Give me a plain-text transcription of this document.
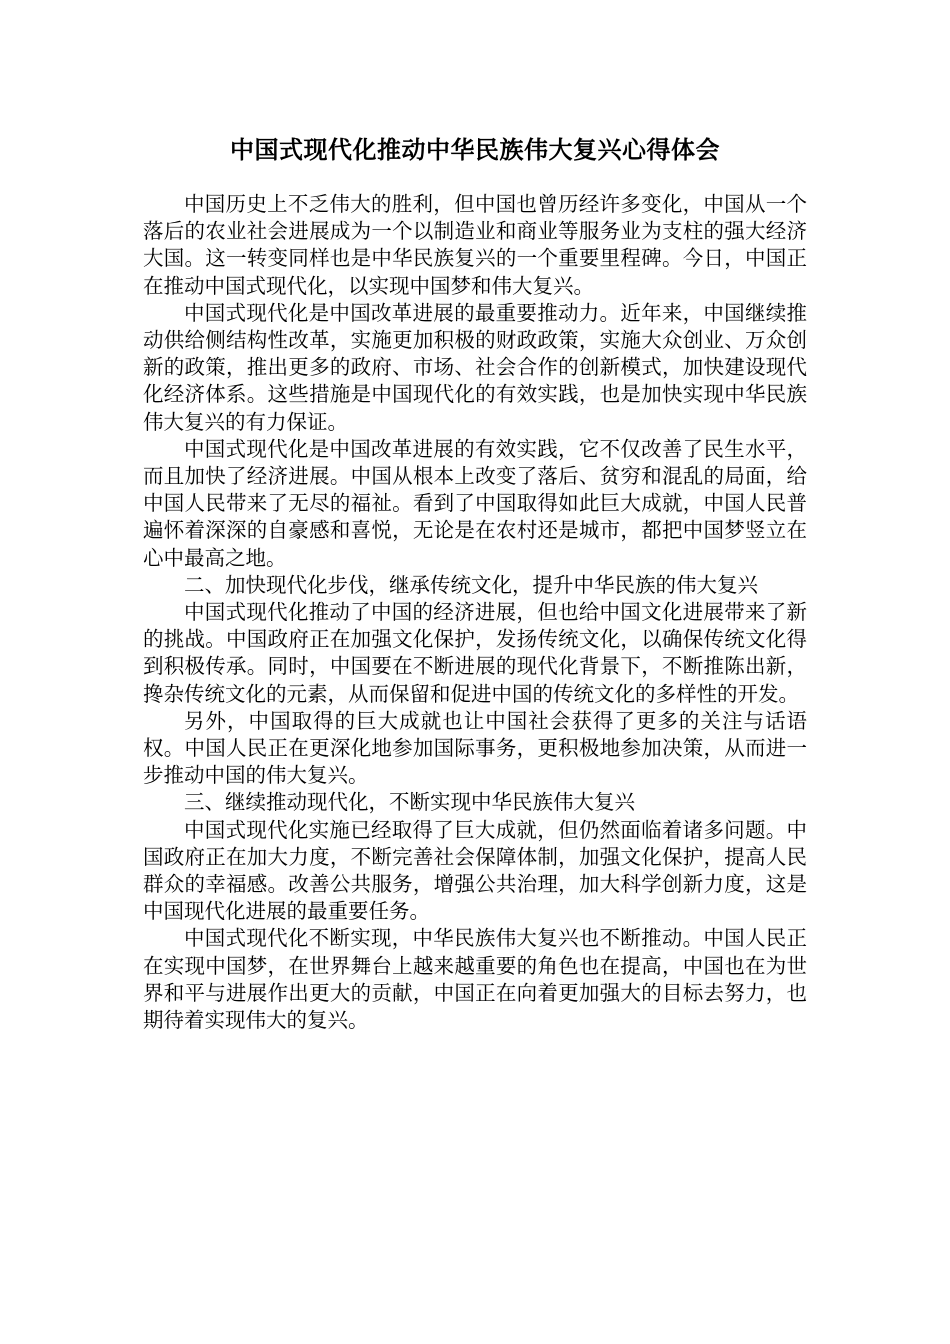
中国式现代化推动中华民族伟大复兴心得体会

中国历史上不乏伟大的胜利，但中国也曾历经许多变化，中国从一个落后的农业社会进展成为一个以制造业和商业等服务业为支柱的强大经济大国。这一转变同样也是中华民族复兴的一个重要里程碑。今日，中国正在推动中国式现代化，以实现中国梦和伟大复兴。

中国式现代化是中国改革进展的最重要推动力。近年来，中国继续推动供给侧结构性改革，实施更加积极的财政政策，实施大众创业、万众创新的政策，推出更多的政府、市场、社会合作的创新模式，加快建设现代化经济体系。这些措施是中国现代化的有效实践，也是加快实现中华民族伟大复兴的有力保证。

中国式现代化是中国改革进展的有效实践，它不仅改善了民生水平，而且加快了经济进展。中国从根本上改变了落后、贫穷和混乱的局面，给中国人民带来了无尽的福祉。看到了中国取得如此巨大成就，中国人民普遍怀着深深的自豪感和喜悦，无论是在农村还是城市，都把中国梦竖立在心中最高之地。

二、加快现代化步伐，继承传统文化，提升中华民族的伟大复兴

中国式现代化推动了中国的经济进展，但也给中国文化进展带来了新的挑战。中国政府正在加强文化保护，发扬传统文化，以确保传统文化得到积极传承。同时，中国要在不断进展的现代化背景下，不断推陈出新，搀杂传统文化的元素，从而保留和促进中国的传统文化的多样性的开发。

另外，中国取得的巨大成就也让中国社会获得了更多的关注与话语权。中国人民正在更深化地参加国际事务，更积极地参加决策，从而进一步推动中国的伟大复兴。

三、继续推动现代化，不断实现中华民族伟大复兴

中国式现代化实施已经取得了巨大成就，但仍然面临着诸多问题。中国政府正在加大力度，不断完善社会保障体制，加强文化保护，提高人民群众的幸福感。改善公共服务，增强公共治理，加大科学创新力度，这是中国现代化进展的最重要任务。

中国式现代化不断实现，中华民族伟大复兴也不断推动。中国人民正在实现中国梦，在世界舞台上越来越重要的角色也在提高，中国也在为世界和平与进展作出更大的贡献，中国正在向着更加强大的目标去努力，也期待着实现伟大的复兴。
